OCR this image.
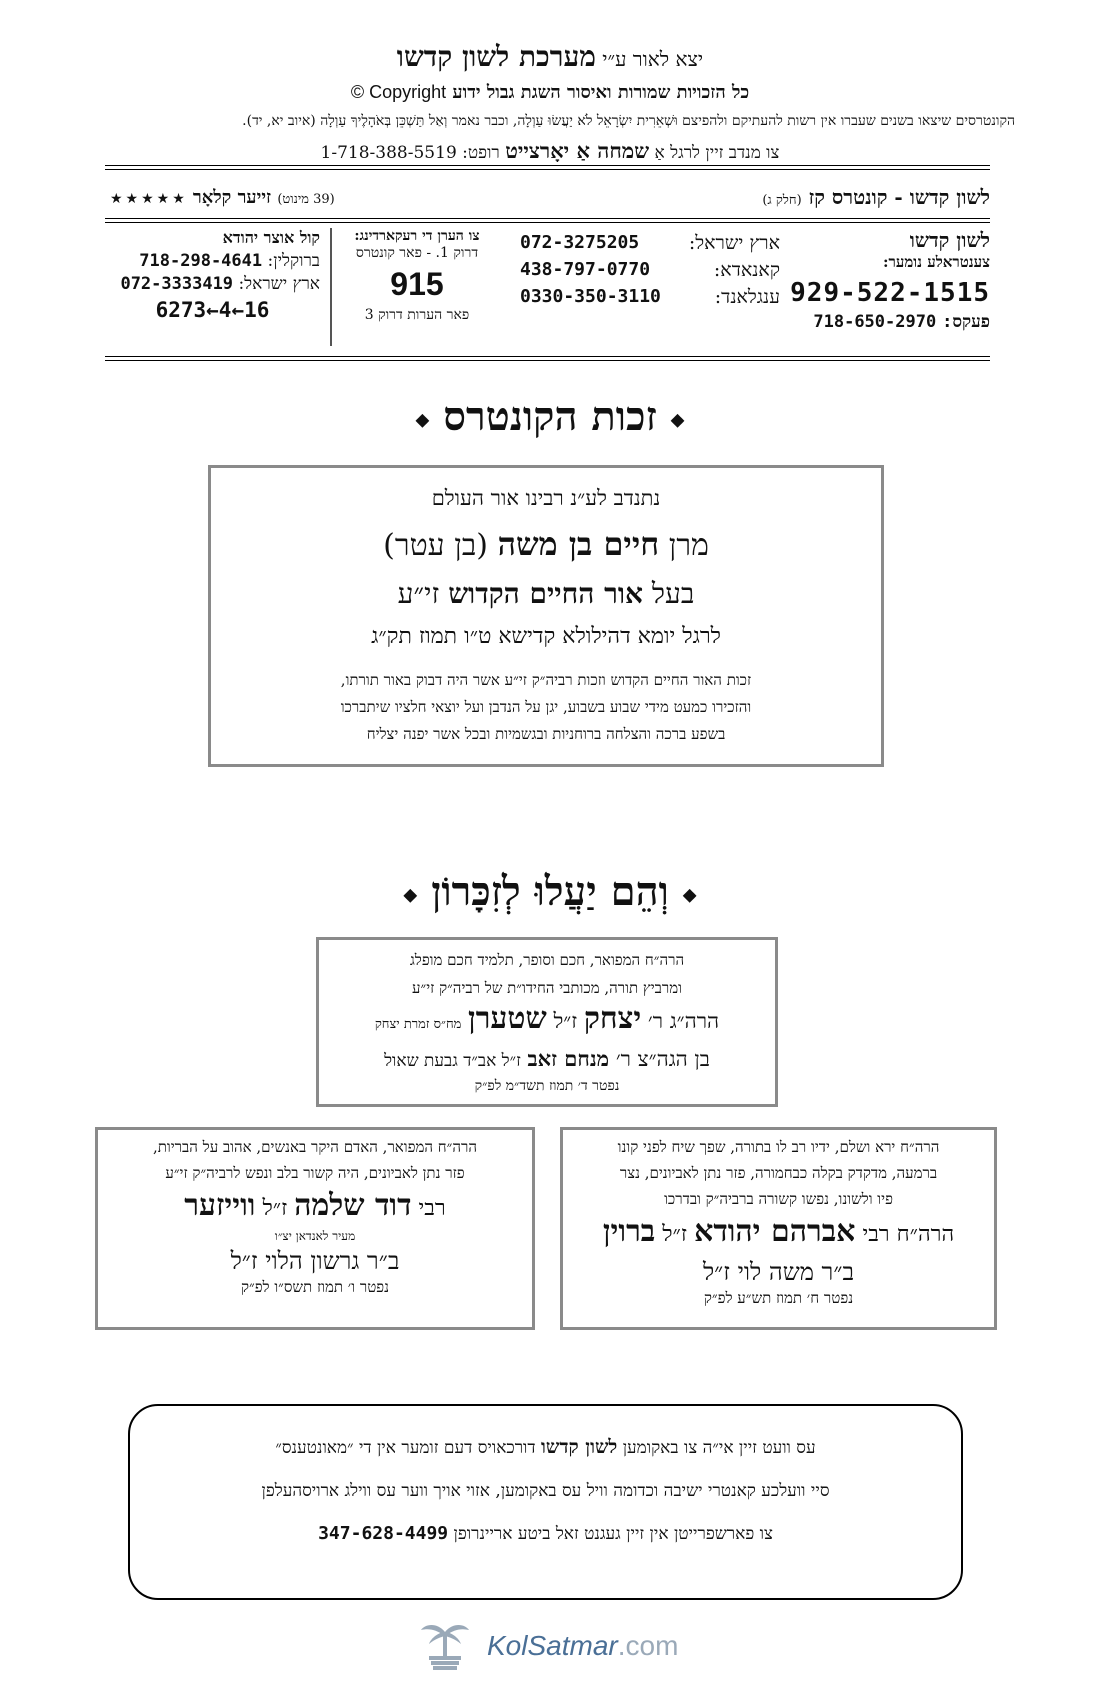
יצא לאור ע״י מערכת לשון קדשו
כל הזכויות שמורות ואיסור השגת גבול ידוע Copyright ©
הקונטרסים שיצאו בשנים שעברו אין רשות להעתיקם ולהפיצם וּשְׁאֵרִית יִשְׂרָאֵל לֹא יַעֲשׂוּ עַוְלָה, וכבר נאמר וְאַל תַּשְׁכֵּן בְּאֹהָלֶיךָ עַוְלָה (איוב יא, יד).
צו מנדב זיין לרגל אַ שמחה אַ יאָרצייט רופט: 1-718-388-5519
לשון קדשו - קונטרס קז (חלק ג)
(39 מינוט) זייער קלאָר ★★★★★
לשון קדשו
צענטראלע נומער:
929-522-1515
פעקס: 718-650-2970
ארץ ישראל:
072-3275205
קאנאדא:
438-797-0770
ענגלאנד:
0330-350-3110
צו הערן די רעקארדינג:
דרוק 1. - פאר קונטרס
915
פאר הערות דרוק 3
קול אוצר יהודא
ברוקלין: 718-298-4641
ארץ ישראל: 072-3333419
6273←4←16
◆ זכות הקונטרס ◆
נתנדב לע״נ רבינו אור העולם
מרן חיים בן משה (בן עטר)
בעל אור החיים הקדוש זי״ע
לרגל יומא דהילולא קדישא ט״ו תמוז תק״ג
זכות האור החיים הקדוש וזכות רביה״ק זי״ע אשר היה דבוק באור תורתו,
והזכירו כמעט מידי שבוע בשבוע, יגן על הנדבן ועל יוצאי חלציו שיתברכו
בשפע ברכה והצלחה ברוחניות ובגשמיות ובכל אשר יפנה יצליח
◆ וְהֵם יַעֲלוּ לְזִכָּרוֹן ◆
הרה״ח המפואר, חכם וסופר, תלמיד חכם מופלג
ומרביץ תורה, מכותבי החידו״ת של רביה״ק זי״ע
הרה״ג ר׳ יצחק ז״ל שטערן מח״ס זמרת יצחק
בן הגה״צ ר׳ מנחם זאב ז״ל אב״ד גבעת שאול
נפטר ד׳ תמוז תשד״מ לפ״ק
הרה״ח המפואר, האדם היקר באנשים, אהוב על הבריות,
פזר נתן לאביונים, היה קשור בלב ונפש לרביה״ק זי״ע
רבי דוד שלמה ז״ל ווייזער
מעיר לאנדאן יצ״ו
ב״ר גרשון הלוי ז״ל
נפטר ו׳ תמוז תשס״ו לפ״ק
הרה״ח ירא ושלם, ידיו רב לו בתורה, שפך שיח לפני קונו
ברמעה, מדקדק בקלה כבחמורה, פזר נתן לאביונים, נצר
פיו ולשונו, נפשו קשורה ברביה״ק ובדרכו
הרה״ח רבי אברהם יהודא ז״ל ברוין
ב״ר משה לוי ז״ל
נפטר ח׳ תמוז תש״ע לפ״ק
עס וועט זיין אי״ה צו באקומען לשון קדשו דורכאויס דעם זומער אין די ״מאונטענס״
סיי וועלכע קאנטרי ישיבה וכדומה וויל עס באקומען, אזוי אויך ווער עס ווילג ארויסהעלפן
צו פארשפרייטן אין זיין געגנט זאל ביטע אריינרופן 347-628-4499
KolSatmar.com
